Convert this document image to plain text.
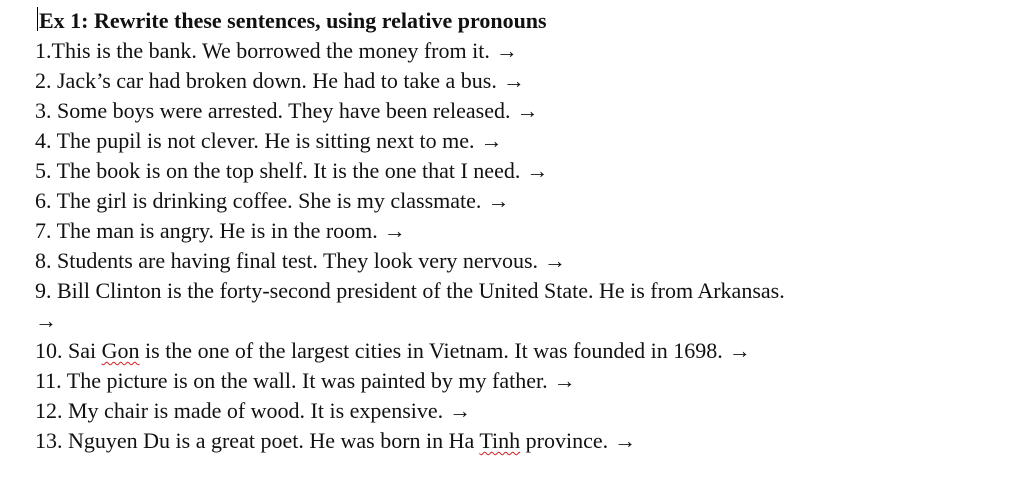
Ex 1: Rewrite these sentences, using relative pronouns
1.This is the bank. We borrowed the money from it. →
2. Jack’s car had broken down. He had to take a bus. →
3. Some boys were arrested. They have been released. →
4. The pupil is not clever. He is sitting next to me. →
5. The book is on the top shelf. It is the one that I need. →
6. The girl is drinking coffee. She is my classmate. →
7. The man is angry. He is in the room. →
8. Students are having final test. They look very nervous. →
9. Bill Clinton is the forty-second president of the United State. He is from Arkansas.
→
10. Sai Gon is the one of the largest cities in Vietnam. It was founded in 1698. →
11. The picture is on the wall. It was painted by my father. →
12. My chair is made of wood. It is expensive. →
13. Nguyen Du is a great poet. He was born in Ha Tinh province. →
